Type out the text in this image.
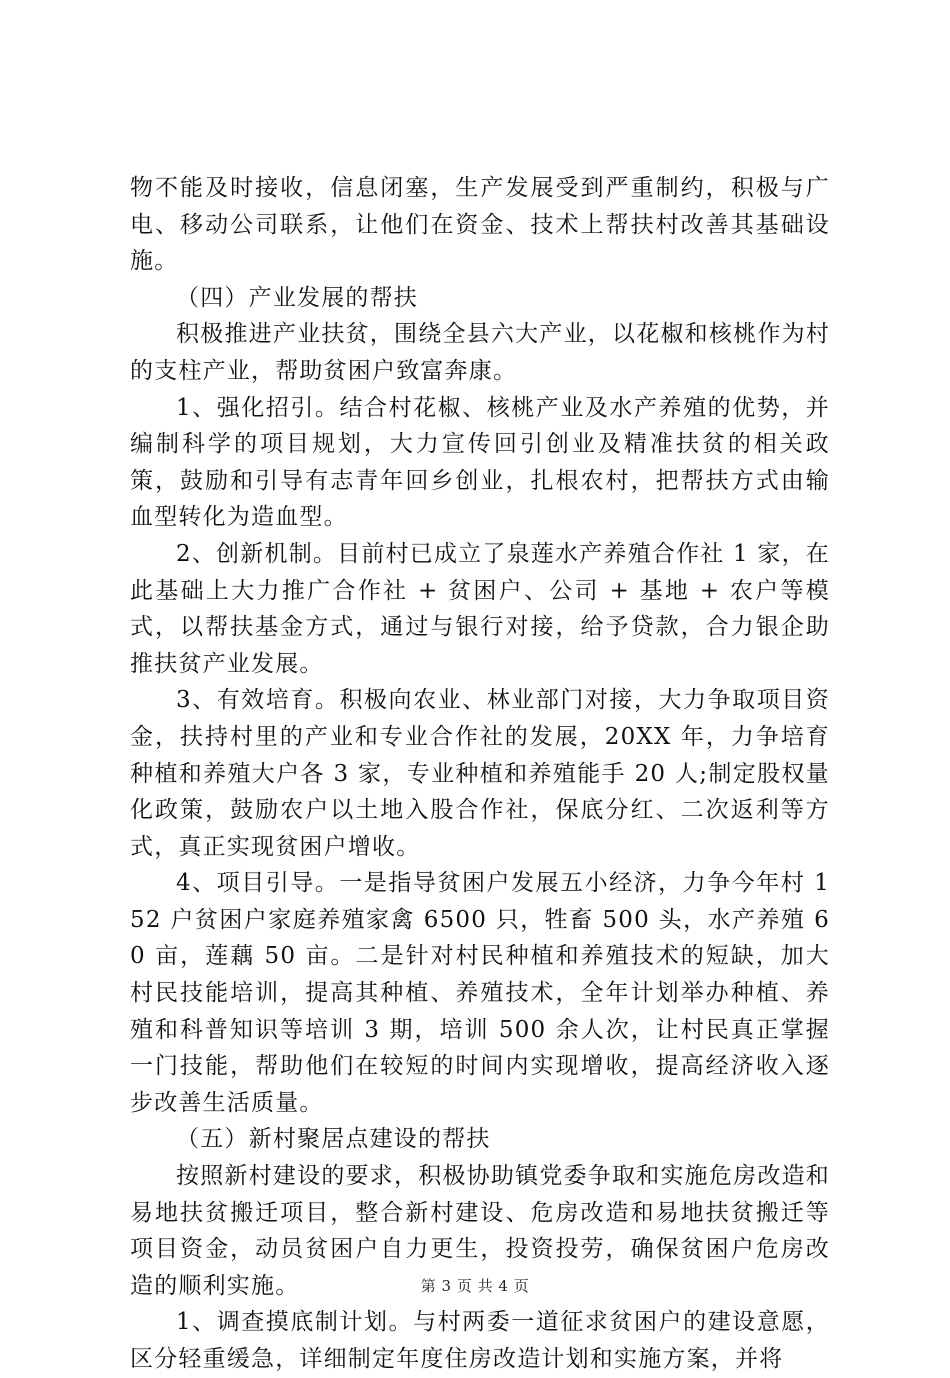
物不能及时接收，信息闭塞，生产发展受到严重制约，积极与广电、移动公司联系，让他们在资金、技术上帮扶村改善其基础设施。

（四）产业发展的帮扶

积极推进产业扶贫，围绕全县六大产业，以花椒和核桃作为村的支柱产业，帮助贫困户致富奔康。

1、强化招引。结合村花椒、核桃产业及水产养殖的优势，并编制科学的项目规划，大力宣传回引创业及精准扶贫的相关政策，鼓励和引导有志青年回乡创业，扎根农村，把帮扶方式由输血型转化为造血型。

2、创新机制。目前村已成立了泉莲水产养殖合作社 1 家，在此基础上大力推广合作社 + 贫困户、公司 + 基地 + 农户等模式，以帮扶基金方式，通过与银行对接，给予贷款，合力银企助推扶贫产业发展。

3、有效培育。积极向农业、林业部门对接，大力争取项目资金，扶持村里的产业和专业合作社的发展，20XX 年，力争培育种植和养殖大户各 3 家，专业种植和养殖能手 20 人;制定股权量化政策，鼓励农户以土地入股合作社，保底分红、二次返利等方式，真正实现贫困户增收。

4、项目引导。一是指导贫困户发展五小经济，力争今年村 152 户贫困户家庭养殖家禽 6500 只，牲畜 500 头，水产养殖 60 亩，莲藕 50 亩。二是针对村民种植和养殖技术的短缺，加大村民技能培训，提高其种植、养殖技术，全年计划举办种植、养殖和科普知识等培训 3 期，培训 500 余人次，让村民真正掌握一门技能，帮助他们在较短的时间内实现增收，提高经济收入逐步改善生活质量。

（五）新村聚居点建设的帮扶

按照新村建设的要求，积极协助镇党委争取和实施危房改造和易地扶贫搬迁项目，整合新村建设、危房改造和易地扶贫搬迁等项目资金，动员贫困户自力更生，投资投劳，确保贫困户危房改造的顺利实施。

1、调查摸底制计划。与村两委一道征求贫困户的建设意愿，区分轻重缓急，详细制定年度住房改造计划和实施方案，并将

第 3 页 共 4 页
